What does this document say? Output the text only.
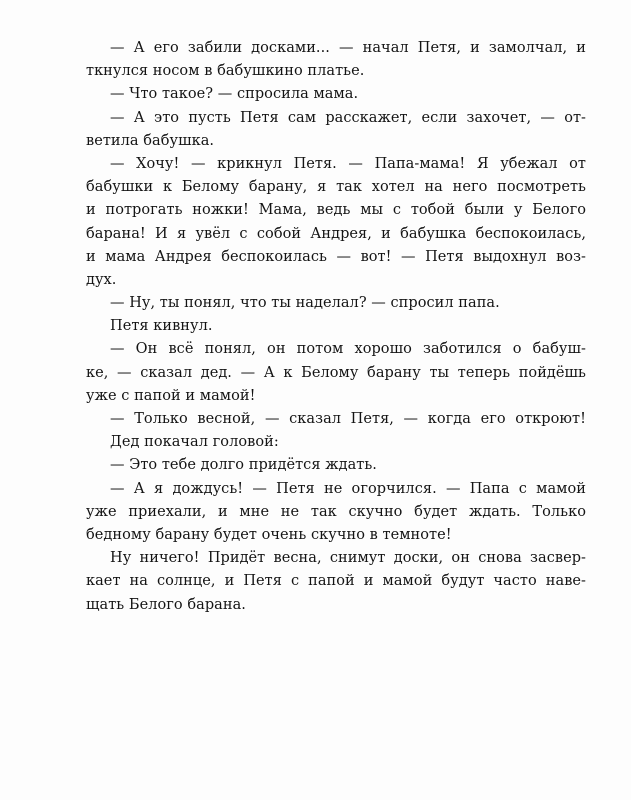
— А его забили досками... — начал Петя, и замолчал, и
ткнулся носом в бабушкино платье.
— Что такое? — спросила мама.
— А это пусть Петя сам расскажет, если захочет, — от-
ветила бабушка.
— Хочу! — крикнул Петя. — Папа-мама! Я убежал от
бабушки к Белому барану, я так хотел на него посмотреть
и потрогать ножки! Мама, ведь мы с тобой были у Белого
барана! И я увёл с собой Андрея, и бабушка беспокоилась,
и мама Андрея беспокоилась — вот! — Петя выдохнул воз-
дух.
— Ну, ты понял, что ты наделал? — спросил папа.
Петя кивнул.
— Он всё понял, он потом хорошо заботился о бабуш-
ке, — сказал дед. — А к Белому барану ты теперь пойдёшь
уже с папой и мамой!
— Только весной, — сказал Петя, — когда его откроют!
Дед покачал головой:
— Это тебе долго придётся ждать.
— А я дождусь! — Петя не огорчился. — Папа с мамой
уже приехали, и мне не так скучно будет ждать. Только
бедному барану будет очень скучно в темноте!
Ну ничего! Придёт весна, снимут доски, он снова засвер-
кает на солнце, и Петя с папой и мамой будут часто наве-
щать Белого барана.
